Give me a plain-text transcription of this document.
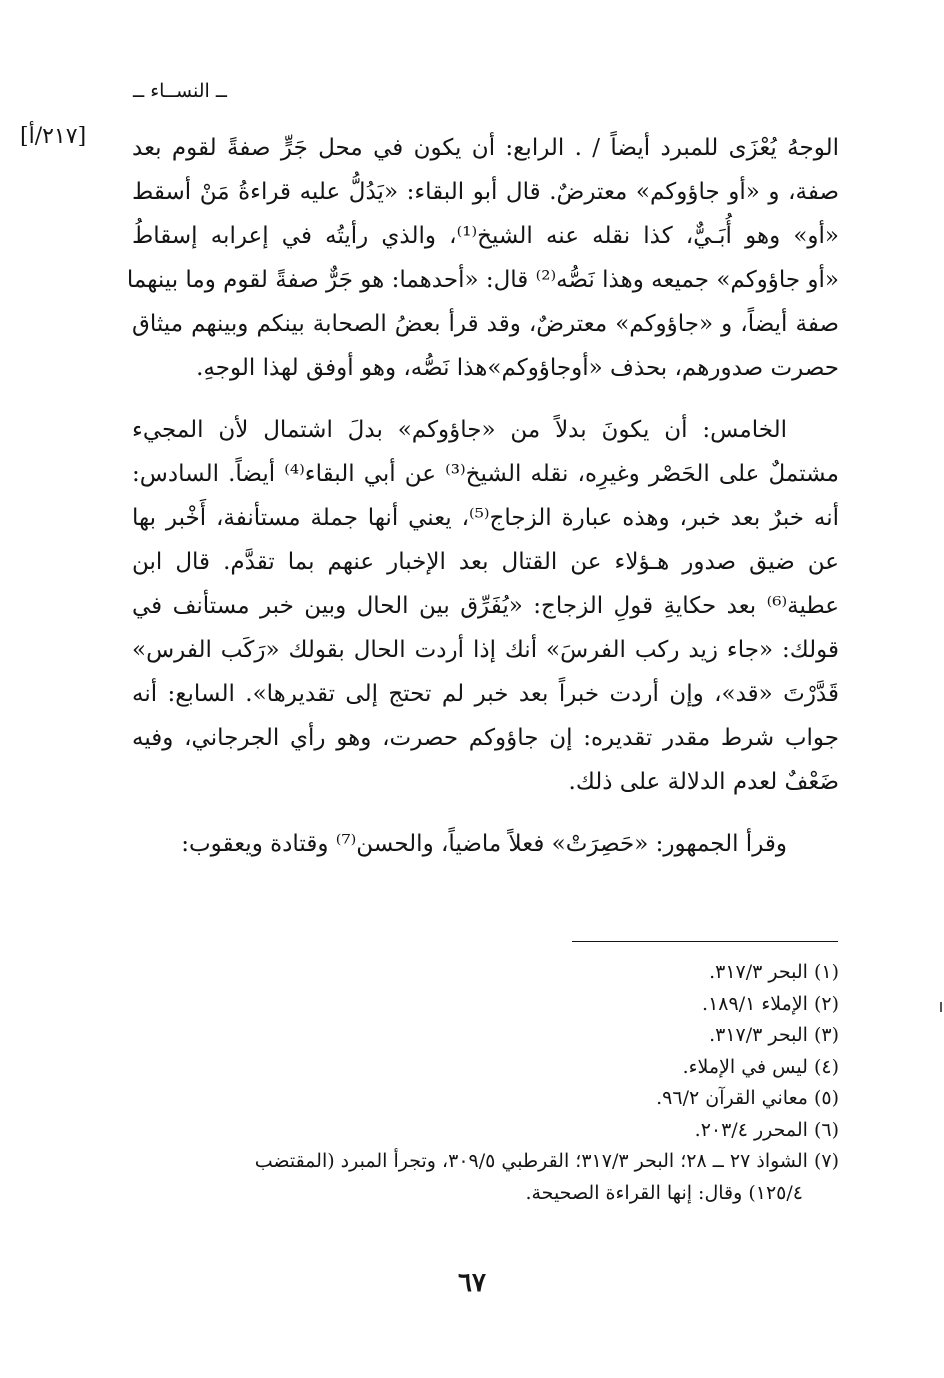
ــ النســاء ــ
[٢١٧/أ]	الوجهُ يُعْزَى للمبرد أيضاً / . الرابع: أن يكون في محل جَرٍّ صفةً لقوم بعد
صفة، و «أو جاؤوكم» معترضٌ. قال أبو البقاء: «يَدُلُّ عليه قراءةُ مَنْ أسقط
«أو» وهو أُبَـيٌّ، كذا نقله عنه الشيخ⁽¹⁾، والذي رأيتُه في إعرابه إسقاطُ
«أو جاؤوكم» جميعه وهذا نَصُّه⁽²⁾ قال: «أحدهما: هو جَرٌّ صفةً لقوم وما بينهما
صفة أيضاً، و «جاؤوكم» معترضٌ، وقد قرأ بعضُ الصحابة بينكم وبينهم ميثاق
حصرت صدورهم، بحذف «أوجاؤوكم»هذا نَصُّه، وهو أوفق لهذا الوجهِ.
الخامس: أن يكونَ بدلاً من «جاؤوكم» بدلَ اشتمال لأن المجيء
مشتملٌ على الحَصْر وغيرِه، نقله الشيخ⁽³⁾ عن أبي البقاء⁽⁴⁾ أيضاً. السادس:
أنه خبرٌ بعد خبر، وهذه عبارة الزجاج⁽⁵⁾، يعني أنها جملة مستأنفة، أَخْبر بها
عن ضيق صدور هـؤلاء عن القتال بعد الإخبار عنهم بما تقدَّم. قال ابن
عطية⁽⁶⁾ بعد حكايةِ قولِ الزجاج: «يُفَرِّق بين الحال وبين خبر مستأنف في
قولك: «جاء زيد ركب الفرسَ» أنك إذا أردت الحال بقولك «رَكَب الفرس»
قَدَّرْتَ «قد»، وإن أردت خبراً بعد خبر لم تحتج إلى تقديرها». السابع: أنه
جواب شرط مقدر تقديره: إن جاؤوكم حصرت، وهو رأي الجرجاني، وفيه
ضَعْفٌ لعدم الدلالة على ذلك.
وقرأ الجمهور: «حَصِرَتْ» فعلاً ماضياً، والحسن⁽⁷⁾ وقتادة ويعقوب:
(١)البحر ٣١٧/٣.
(٢)الإملاء ١٨٩/١.
(٣)البحر ٣١٧/٣.
(٤)ليس في الإملاء.
(٥)معاني القرآن ٩٦/٢.
(٦)المحرر ٢٠٣/٤.
(٧)الشواذ ٢٧ ــ ٢٨؛ البحر ٣١٧/٣؛ القرطبي ٣٠٩/٥، وتجرأ المبرد (المقتضب
١٢٥/٤) وقال: إنها القراءة الصحيحة.
٦٧
